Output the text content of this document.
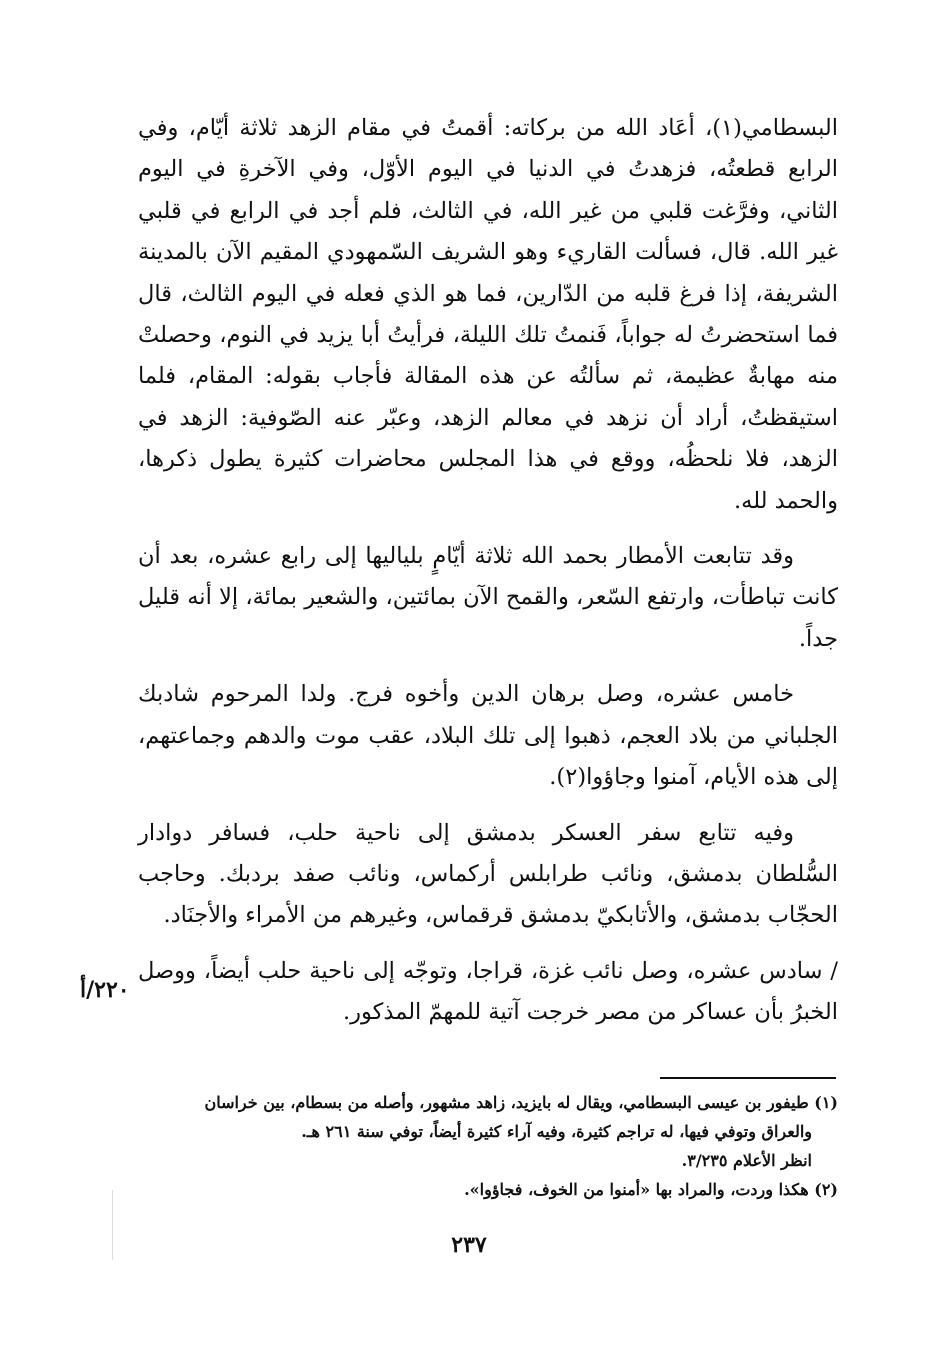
البسطامي(١)، أعَاد الله من بركاته: أقمتُ في مقام الزهد ثلاثة أيّام، وفي الرابع قطعتُه، فزهدتُ في الدنيا في اليوم الأوّل، وفي الآخرةِ في اليوم الثاني، وفرَّغت قلبي من غير الله، في الثالث، فلم أجد في الرابع في قلبي غير الله. قال، فسألت القاريء وهو الشريف السّمهودي المقيم الآن بالمدينة الشريفة، إذا فرغ قلبه من الدّارين، فما هو الذي فعله في اليوم الثالث، قال فما استحضرتُ له جواباً، فَنمتُ تلك الليلة، فرأيتُ أبا يزيد في النوم، وحصلتْ منه مهابةٌ عظيمة، ثم سألتُه عن هذه المقالة فأجاب بقوله: المقام، فلما استيقظتُ، أراد أن نزهد في معالم الزهد، وعبّر عنه الصّوفية: الزهد في الزهد، فلا نلحظُه، ووقع في هذا المجلس محاضرات كثيرة يطول ذكرها، والحمد لله.

وقد تتابعت الأمطار بحمد الله ثلاثة أيّامٍ بلياليها إلى رابع عشره، بعد أن كانت تباطأت، وارتفع السّعر، والقمح الآن بمائتين، والشعير بمائة، إلا أنه قليل جداً.

خامس عشره، وصل برهان الدين وأخوه فرج. ولدا المرحوم شادبك الجلباني من بلاد العجم، ذهبوا إلى تلك البلاد، عقب موت والدهم وجماعتهم، إلى هذه الأيام، آمنوا وجاؤوا(٢).

وفيه تتابع سفر العسكر بدمشق إلى ناحية حلب، فسافر دوادار السُّلطان بدمشق، ونائب طرابلس أركماس، ونائب صفد بردبك. وحاجب الحجّاب بدمشق، والأتابكيّ بدمشق قرقماس، وغيرهم من الأمراء والأجنَاد.

/ سادس عشره، وصل نائب غزة، قراجا، وتوجّه إلى ناحية حلب أيضاً، ووصل الخبرُ بأن عساكر من مصر خرجت آتية للمهمّ المذكور.

٢٢٠/أ

(١) طيفور بن عيسى البسطامي، ويقال له بايزيد، زاهد مشهور، وأصله من بسطام، بين خراسان
والعراق وتوفي فيها، له تراجم كثيرة، وفيه آراء كثيرة أيضاً، توفي سنة ٢٦١ هـ.
انظر الأعلام ٣/٢٣٥.

(٢) هكذا وردت، والمراد بها «أمنوا من الخوف، فجاؤوا».

٢٣٧
